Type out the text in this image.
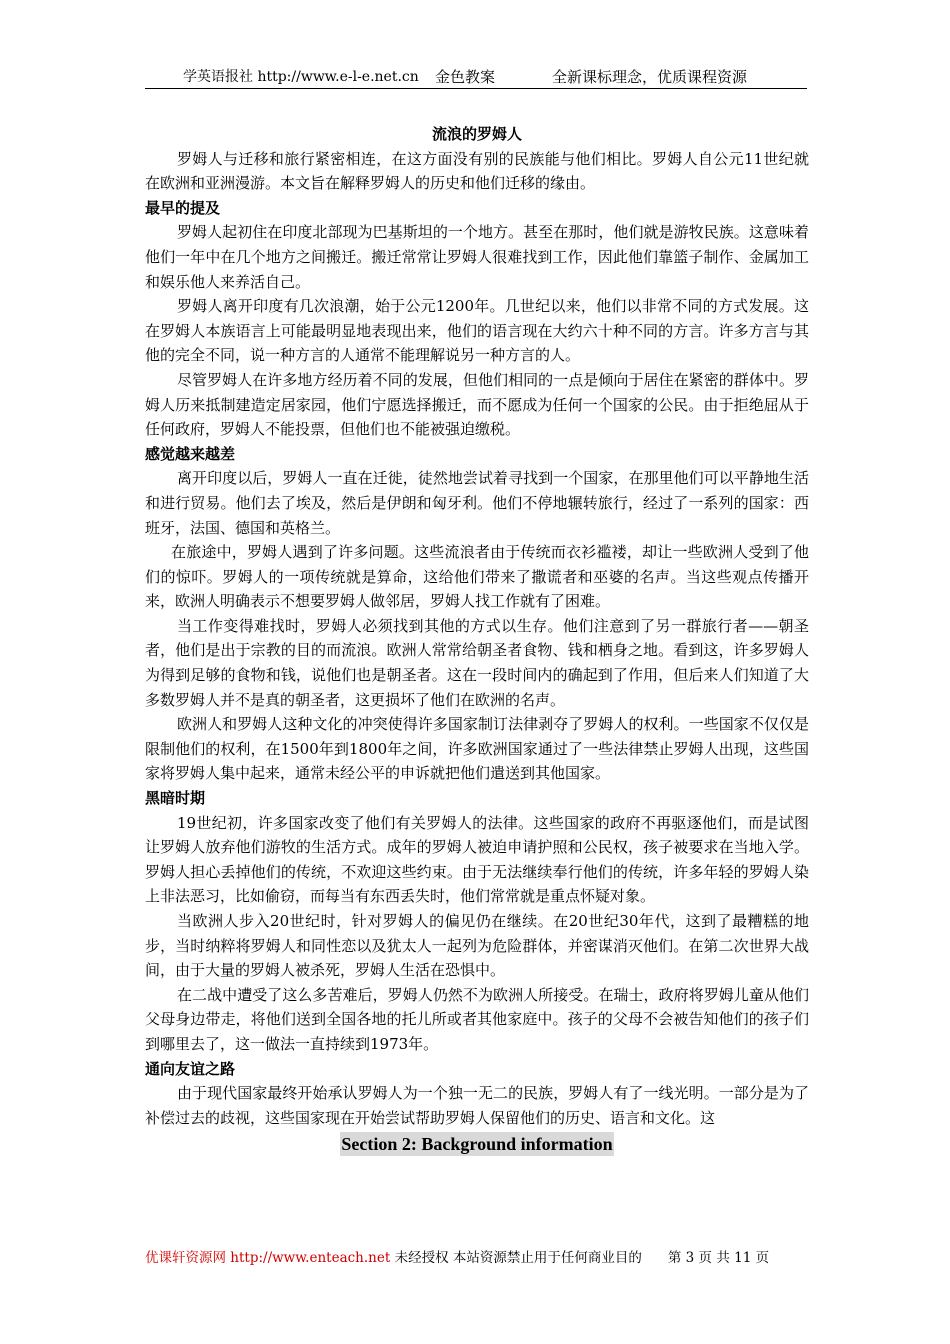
学英语报社 http://www.e-l-e.net.cn 金色教案	全新课标理念，优质课程资源
流浪的罗姆人
罗姆人与迁移和旅行紧密相连，在这方面没有别的民族能与他们相比。罗姆人自公元11世纪就在欧洲和亚洲漫游。本文旨在解释罗姆人的历史和他们迁移的缘由。
最早的提及
罗姆人起初住在印度北部现为巴基斯坦的一个地方。甚至在那时，他们就是游牧民族。这意味着他们一年中在几个地方之间搬迁。搬迁常常让罗姆人很难找到工作，因此他们靠篮子制作、金属加工和娱乐他人来养活自己。
罗姆人离开印度有几次浪潮，始于公元1200年。几世纪以来，他们以非常不同的方式发展。这在罗姆人本族语言上可能最明显地表现出来，他们的语言现在大约六十种不同的方言。许多方言与其他的完全不同，说一种方言的人通常不能理解说另一种方言的人。
尽管罗姆人在许多地方经历着不同的发展，但他们相同的一点是倾向于居住在紧密的群体中。罗姆人历来抵制建造定居家园，他们宁愿选择搬迁，而不愿成为任何一个国家的公民。由于拒绝屈从于任何政府，罗姆人不能投票，但他们也不能被强迫缴税。
感觉越来越差
离开印度以后，罗姆人一直在迁徙，徒然地尝试着寻找到一个国家，在那里他们可以平静地生活和进行贸易。他们去了埃及，然后是伊朗和匈牙利。他们不停地辗转旅行，经过了一系列的国家：西班牙，法国、德国和英格兰。
在旅途中，罗姆人遇到了许多问题。这些流浪者由于传统而衣衫褴褛，却让一些欧洲人受到了他们的惊吓。罗姆人的一项传统就是算命，这给他们带来了撒谎者和巫婆的名声。当这些观点传播开来，欧洲人明确表示不想要罗姆人做邻居，罗姆人找工作就有了困难。
当工作变得难找时，罗姆人必须找到其他的方式以生存。他们注意到了另一群旅行者——朝圣者，他们是出于宗教的目的而流浪。欧洲人常常给朝圣者食物、钱和栖身之地。看到这，许多罗姆人为得到足够的食物和钱，说他们也是朝圣者。这在一段时间内的确起到了作用，但后来人们知道了大多数罗姆人并不是真的朝圣者，这更损坏了他们在欧洲的名声。
欧洲人和罗姆人这种文化的冲突使得许多国家制订法律剥夺了罗姆人的权利。一些国家不仅仅是限制他们的权利，在1500年到1800年之间，许多欧洲国家通过了一些法律禁止罗姆人出现，这些国家将罗姆人集中起来，通常未经公平的申诉就把他们遣送到其他国家。
黑暗时期
19世纪初，许多国家改变了他们有关罗姆人的法律。这些国家的政府不再驱逐他们，而是试图让罗姆人放弃他们游牧的生活方式。成年的罗姆人被迫申请护照和公民权，孩子被要求在当地入学。罗姆人担心丢掉他们的传统，不欢迎这些约束。由于无法继续奉行他们的传统，许多年轻的罗姆人染上非法恶习，比如偷窃，而每当有东西丢失时，他们常常就是重点怀疑对象。
当欧洲人步入20世纪时，针对罗姆人的偏见仍在继续。在20世纪30年代，这到了最糟糕的地步，当时纳粹将罗姆人和同性恋以及犹太人一起列为危险群体，并密谋消灭他们。在第二次世界大战间，由于大量的罗姆人被杀死，罗姆人生活在恐惧中。
在二战中遭受了这么多苦难后，罗姆人仍然不为欧洲人所接受。在瑞士，政府将罗姆儿童从他们父母身边带走，将他们送到全国各地的托儿所或者其他家庭中。孩子的父母不会被告知他们的孩子们到哪里去了，这一做法一直持续到1973年。
通向友谊之路
由于现代国家最终开始承认罗姆人为一个独一无二的民族，罗姆人有了一线光明。一部分是为了补偿过去的歧视，这些国家现在开始尝试帮助罗姆人保留他们的历史、语言和文化。这
Section 2: Background information
优课轩资源网 http://www.enteach.net 未经授权 本站资源禁止用于任何商业目的 第 3 页 共 11 页
